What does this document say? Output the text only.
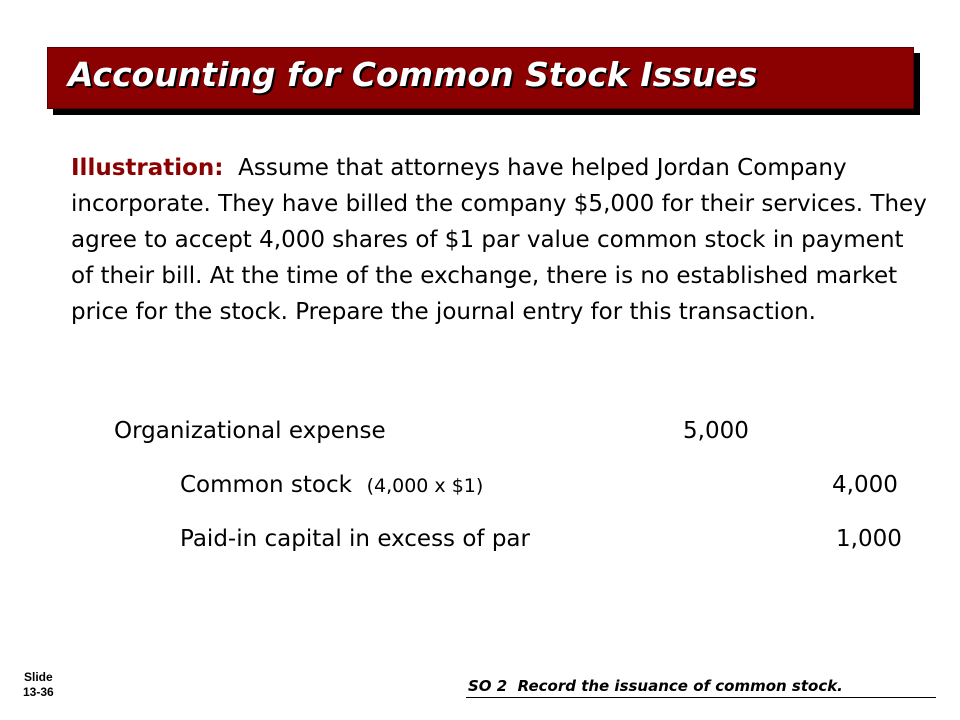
Accounting for Common Stock Issues

Illustration: Assume that attorneys have helped Jordan Company incorporate. They have billed the company $5,000 for their services. They agree to accept 4,000 shares of $1 par value common stock in payment of their bill. At the time of the exchange, there is no established market price for the stock. Prepare the journal entry for this transaction.

Organizational expense	5,000
Common stock (4,000 x $1)	4,000
Paid-in capital in excess of par	1,000
Slide
13-36	SO 2  Record the issuance of common stock.
